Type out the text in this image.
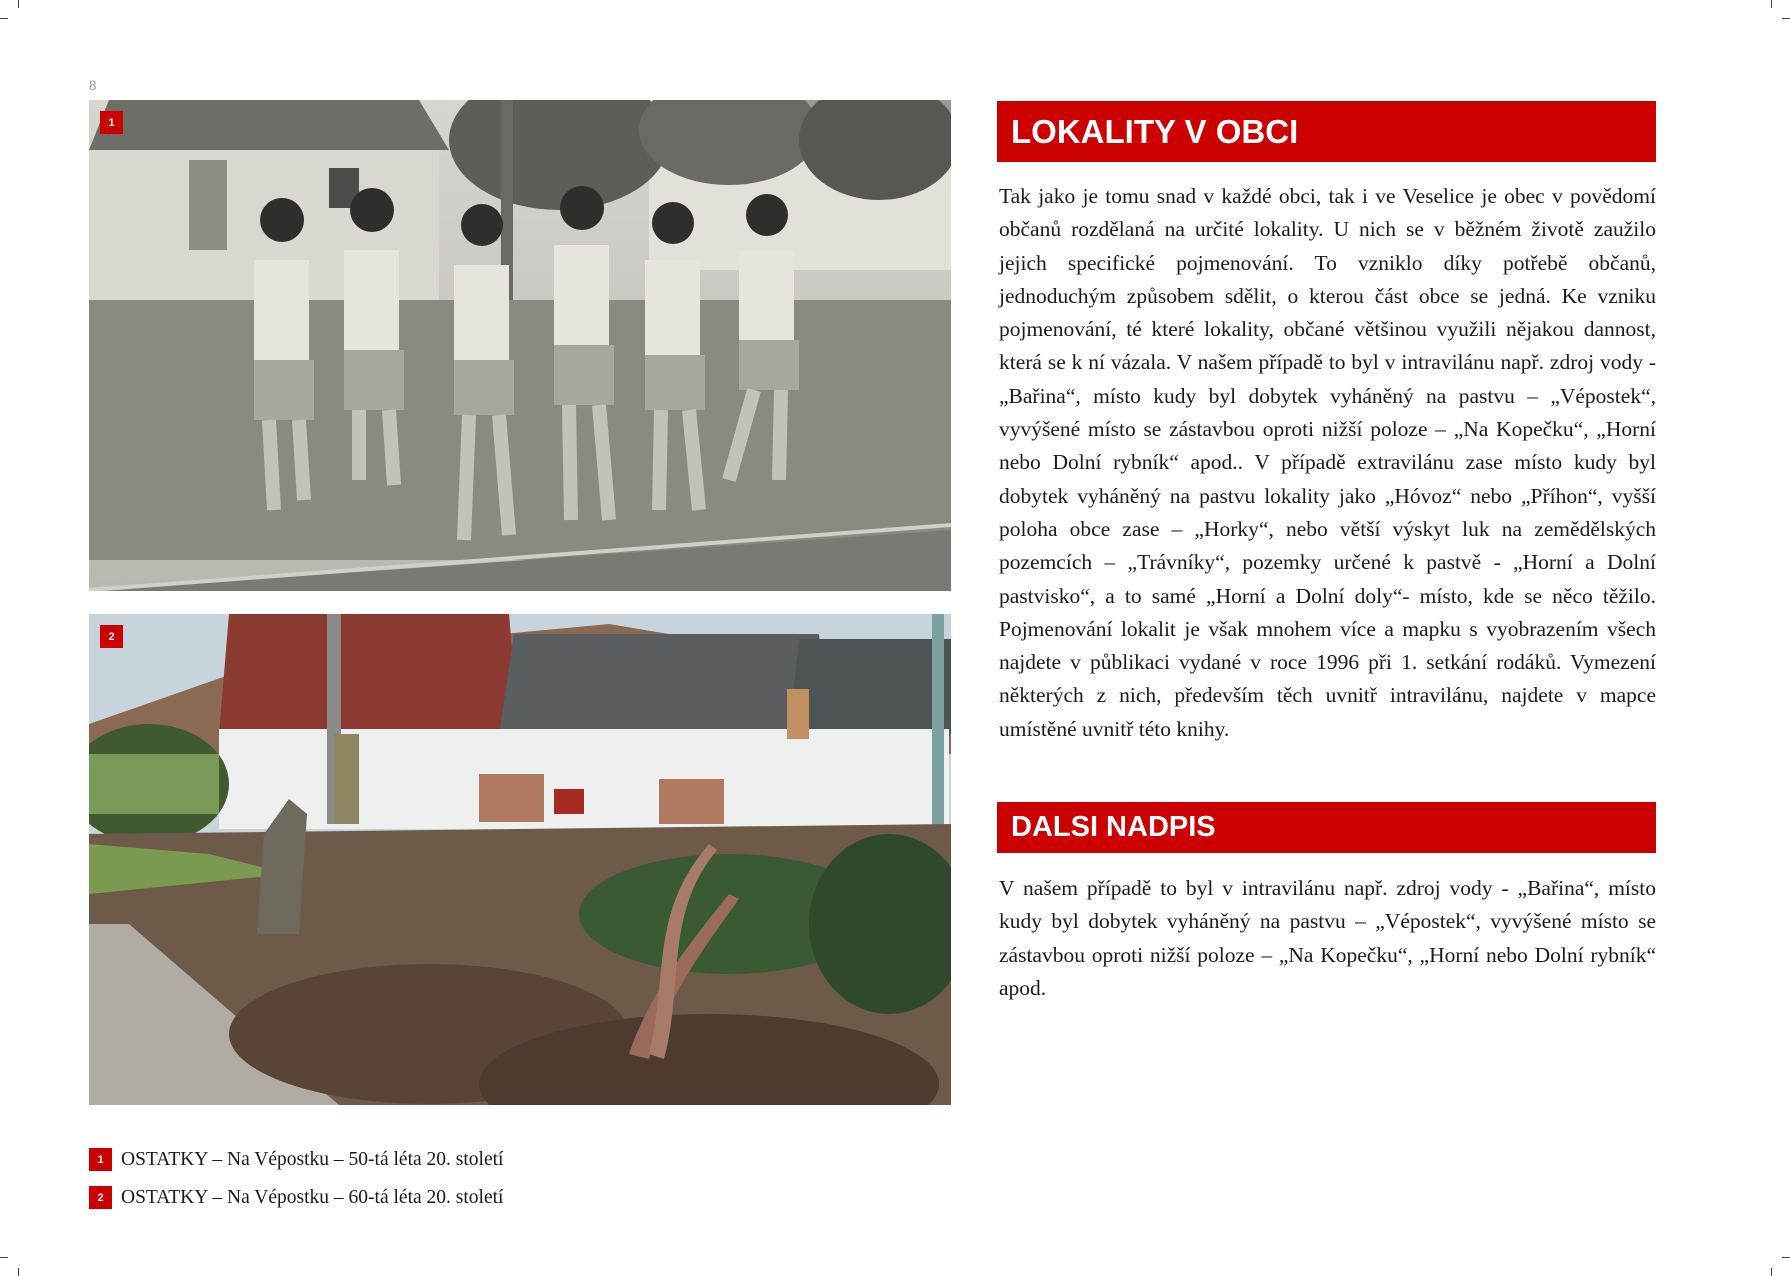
8
1
2
LOKALITY V OBCI

Tak jako je tomu snad v každé obci, tak i ve Veselice je obec v povědomí občanů rozdělaná na určité lokality. U nich se v běžném životě zaužilo jejich specifické pojmenování. To vzniklo díky potřebě občanů, jednoduchým způsobem sdělit, o kterou část obce se jedná. Ke vzniku pojmenování, té které lokality, občané většinou využili nějakou dannost, která se k ní vázala. V našem případě to byl v intravilánu např. zdroj vody - „Bařina“, místo kudy byl dobytek vyháněný na pastvu – „Vépostek“, vyvýšené místo se zástavbou oproti nižší poloze – „Na Kopečku“, „Horní nebo Dolní rybník“ apod.. V případě extravilánu zase místo kudy byl dobytek vyháněný na pastvu lokality jako „Hóvoz“ nebo „Příhon“, vyšší poloha obce zase – „Horky“, nebo větší výskyt luk na zemědělských pozemcích – „Trávníky“, pozemky určené k pastvě - „Horní a Dolní pastvisko“, a to samé „Horní a Dolní doly“- místo, kde se něco těžilo. Pojmenování lokalit je však mnohem více a mapku s vyobrazením všech najdete v půblikaci vydané v roce 1996 při 1. setkání rodáků. Vymezení některých z nich, především těch uvnitř intravilánu, najdete v mapce umístěné uvnitř této knihy.

DALSI NADPIS

V našem případě to byl v intravilánu např. zdroj vody - „Bařina“, místo kudy byl dobytek vyháněný na pastvu – „Vépostek“, vyvýšené místo se zástavbou oproti nižší poloze – „Na Kopečku“, „Horní nebo Dolní rybník“ apod.

1 OSTATKY – Na Vépostku – 50-tá léta 20. století
2 OSTATKY – Na Vépostku – 60-tá léta 20. století
